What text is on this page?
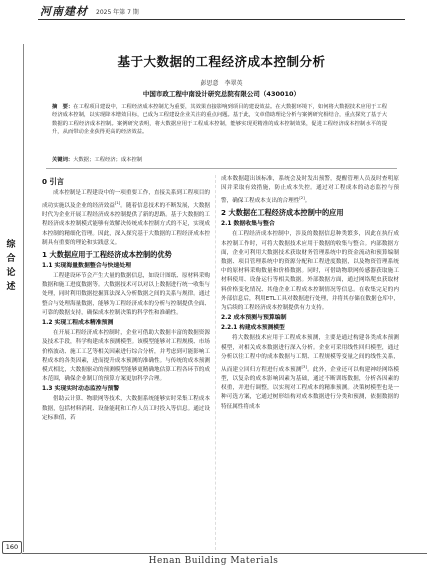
河南建材 2025 年第 7 期
综
合
论
述
基于大数据的工程经济成本控制分析
彭思意　李翠英
中国市政工程中南设计研究总院有限公司（430010）
摘　要：在工程项目建设中，工程经济成本控制尤为重要，其效果直接影响到项目的建设效益。在大数据环境下，如何将大数据技术应用于工程经济成本控制，以实现降本增效目标，已成为工程建设企业关注的重点问题。基于此，文章借助理论分析与案例研究相结合，重点探究了基于大数据的工程经济成本控制。案例研究表明，将大数据应用于工程成本控制，能够实现更精准的成本控制效果，促进工程经济成本控制水平的提升，从而带动企业获得更高的经济效益。
关键词：大数据；工程经济；成本控制
0 引言

成本控制是工程建设中的一项重要工作，直接关系到工程项目的成功实施以及企业的经济效益[1]。随着信息技术的不断发展，大数据时代为企业开展工程经济成本控制提供了新的思路。基于大数据的工程经济成本控制模式能够有效解决传统成本控制方式的不足，实现成本控制的精细化管理。因此，深入探究基于大数据的工程经济成本控制具有重要的理论和实践意义。

1 大数据应用于工程经济成本控制的优势
1.1 实现海量数据整合与快速处理

工程建设环节会产生大量的数据信息，如设计图纸、原材料采购数据和施工进度数据等。大数据技术可以对以上数据进行统一收集与处理，同时利用数据挖掘算法深入分析数据之间的关系与规律。通过整合与处理海量数据，能够为工程经济成本的分析与控制提供全面、可靠的数据支持，确保成本控制决策的科学性和准确性。

1.2 实现工程成本精准预测

在开展工程经济成本控制时，企业可借助大数据丰富的数据资源及技术手段，科学构建成本预测模型。该模型能够对工程规模、市场价格波动、施工工艺等相关因素进行综合分析，并考虑到可能影响工程成本的各类因素，进而提升成本预测的准确性。与传统的成本预测模式相比，大数据驱动的预测模型能够更精确地估算工程各环节的成本范围，确保企业制订的预算方案更加科学合理。

1.3 实现实时动态监控与预警

借助云计算、物联网等技术，大数据系统能够实时采集工程成本数据，包括材料消耗、设备能耗和工作人员工时投入等信息。通过设定标准值，若

成本数据超出该标准，系统会及时发出预警，提醒管理人员及时查明原因并采取有效措施，防止成本失控。通过对工程成本的动态监控与预警，确保工程成本支出的合理性[2]。

2 大数据在工程经济成本控制中的应用
2.1 数据收集与整合

在工程经济成本控制中，涉及的数据信息种类繁多，因此在执行成本控制工作时，可将大数据技术应用于数据的收集与整合。内部数据方面，企业可利用大数据技术获取财务管理系统中的资金流动和预算编制数据、项目管理系统中的资源分配和工程进度数据，以及物资管理系统中的原材料采购数量和价格数据。同时，可借助物联网传感器获取施工材料使用、设备运行等相关数据。外部数据方面，通过网络爬虫获取材料价格变化情况、其他企业工程成本控制情况等信息。在收集完足的内外部信息后，利用ETL工具对数据进行处理，并将其存储在数据仓库中，为后续的工程经济成本控制提供有力支持。

2.2 成本预测与预算编制
2.2.1 构建成本预测模型

将大数据技术应用于工程成本预测，主要是通过构建各类成本预测模型，对相关成本数据进行深入分析。企业可采用线性回归模型，通过分析以往工程中的成本数据与工期、工程规模等变量之间的线性关系，从而建立回归方程进行成本预测[3]。此外，企业还可以构建神经网络模型，以复杂的成本影响因素为基础，通过不断训练数据，分析各因素的权重，并进行调整，以实现对工程成本的精准预测。决策树模型也是一种可选方案，它通过树形结构对成本数据进行分类和预测，依据数据的特征属性将成本

160
Henan Building Materials
